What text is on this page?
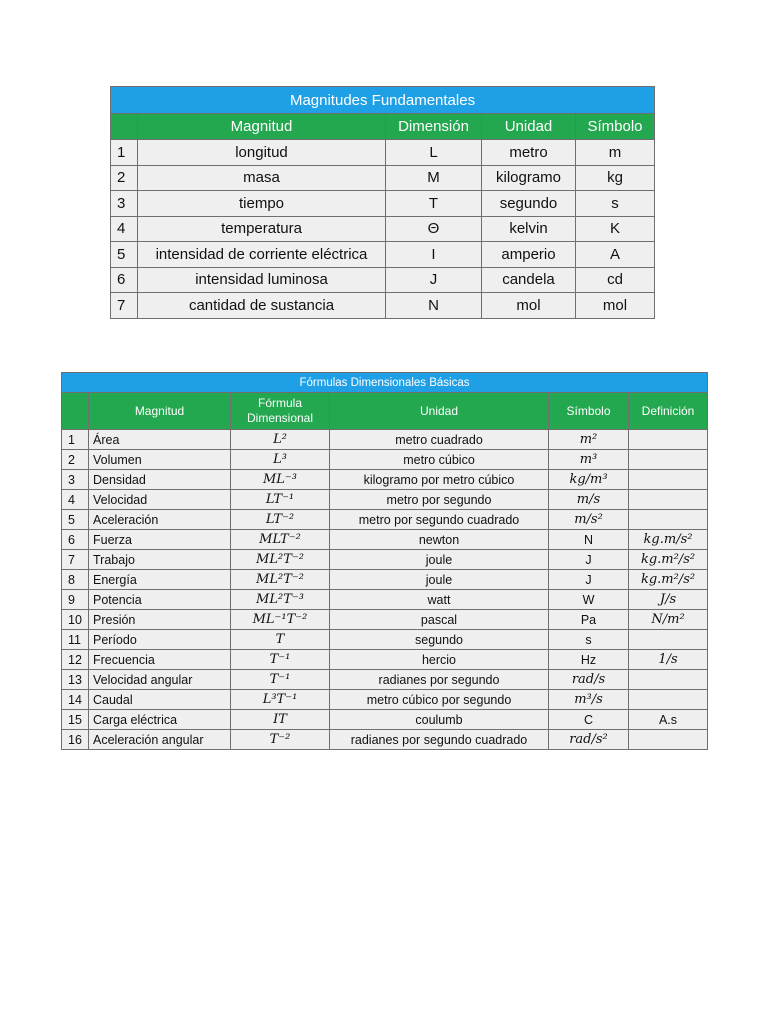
Magnitudes Fundamentales				
	Magnitud	Dimensión	Unidad	Símbolo
1	longitud	L	metro	m
2	masa	M	kilogramo	kg
3	tiempo	T	segundo	s
4	temperatura	Θ	kelvin	K
5	intensidad de corriente eléctrica	I	amperio	A
6	intensidad luminosa	J	candela	cd
7	cantidad de sustancia	N	mol	mol
Fórmulas Dimensionales Básicas					
	Magnitud	Fórmula Dimensional	Unidad	Símbolo	Definición
1	Área	L²	metro cuadrado	m²	
2	Volumen	L³	metro cúbico	m³	
3	Densidad	ML⁻³	kilogramo por metro cúbico	kg/m³	
4	Velocidad	LT⁻¹	metro por segundo	m/s	
5	Aceleración	LT⁻²	metro por segundo cuadrado	m/s²	
6	Fuerza	MLT⁻²	newton	N	kg.m/s²
7	Trabajo	ML²T⁻²	joule	J	kg.m²/s²
8	Energía	ML²T⁻²	joule	J	kg.m²/s²
9	Potencia	ML²T⁻³	watt	W	J/s
10	Presión	ML⁻¹T⁻²	pascal	Pa	N/m²
11	Período	T	segundo	s	
12	Frecuencia	T⁻¹	hercio	Hz	1/s
13	Velocidad angular	T⁻¹	radianes por segundo	rad/s	
14	Caudal	L³T⁻¹	metro cúbico por segundo	m³/s	
15	Carga eléctrica	IT	coulumb	C	A.s
16	Aceleración angular	T⁻²	radianes por segundo cuadrado	rad/s²	
